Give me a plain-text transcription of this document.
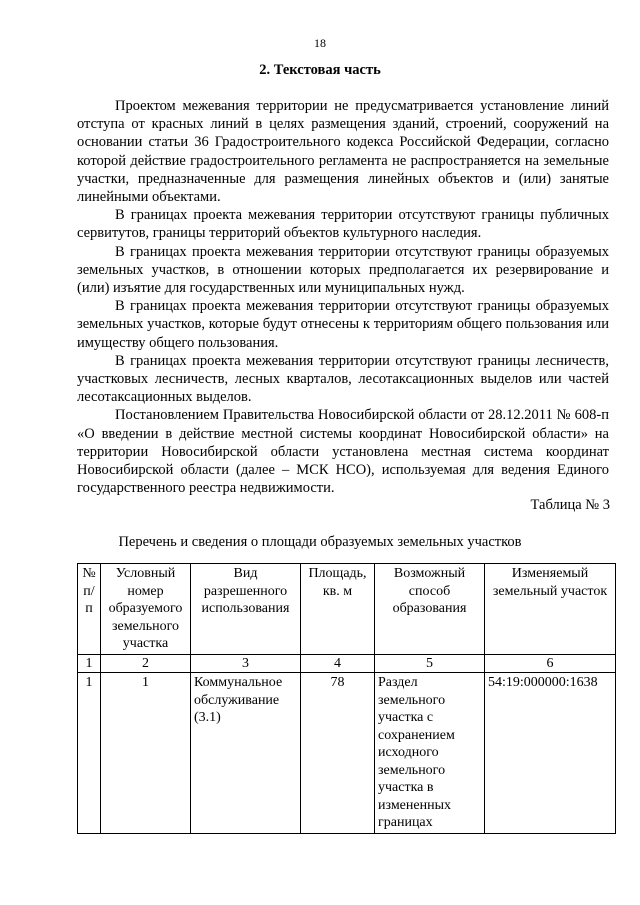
18
2. Текстовая часть

Проектом межевания территории не предусматривается установление линий отступа от красных линий в целях размещения зданий, строений, сооружений на основании статьи 36 Градостроительного кодекса Российской Федерации, согласно которой действие градостроительного регламента не распространяется на земельные участки, предназначенные для размещения линейных объектов и (или) занятые линейными объектами.

В границах проекта межевания территории отсутствуют границы публичных сервитутов, границы территорий объектов культурного наследия.

В границах проекта межевания территории отсутствуют границы образуемых земельных участков, в отношении которых предполагается их резервирование и (или) изъятие для государственных или муниципальных нужд.

В границах проекта межевания территории отсутствуют границы образуемых земельных участков, которые будут отнесены к территориям общего пользования или имуществу общего пользования.

В границах проекта межевания территории отсутствуют границы лесничеств, участковых лесничеств, лесных кварталов, лесотаксационных выделов или частей лесотаксационных выделов.

Постановлением Правительства Новосибирской области от 28.12.2011 № 608-п «О введении в действие местной системы координат Новосибирской области» на территории Новосибирской области установлена местная система координат Новосибирской области (далее – МСК НСО), используемая для ведения Единого государственного реестра недвижимости.

Таблица № 3
Перечень и сведения о площади образуемых земельных участков
№ п/п	Условный номер образуемого земельного участка	Вид разрешенного использования	Площадь, кв. м	Возможный способ образования	Изменяемый земельный участок
1	2	3	4	5	6
1	1	Коммунальное обслуживание (3.1)	78	Раздел земельного участка с сохранением исходного земельного участка в измененных границах	54:19:000000:1638
